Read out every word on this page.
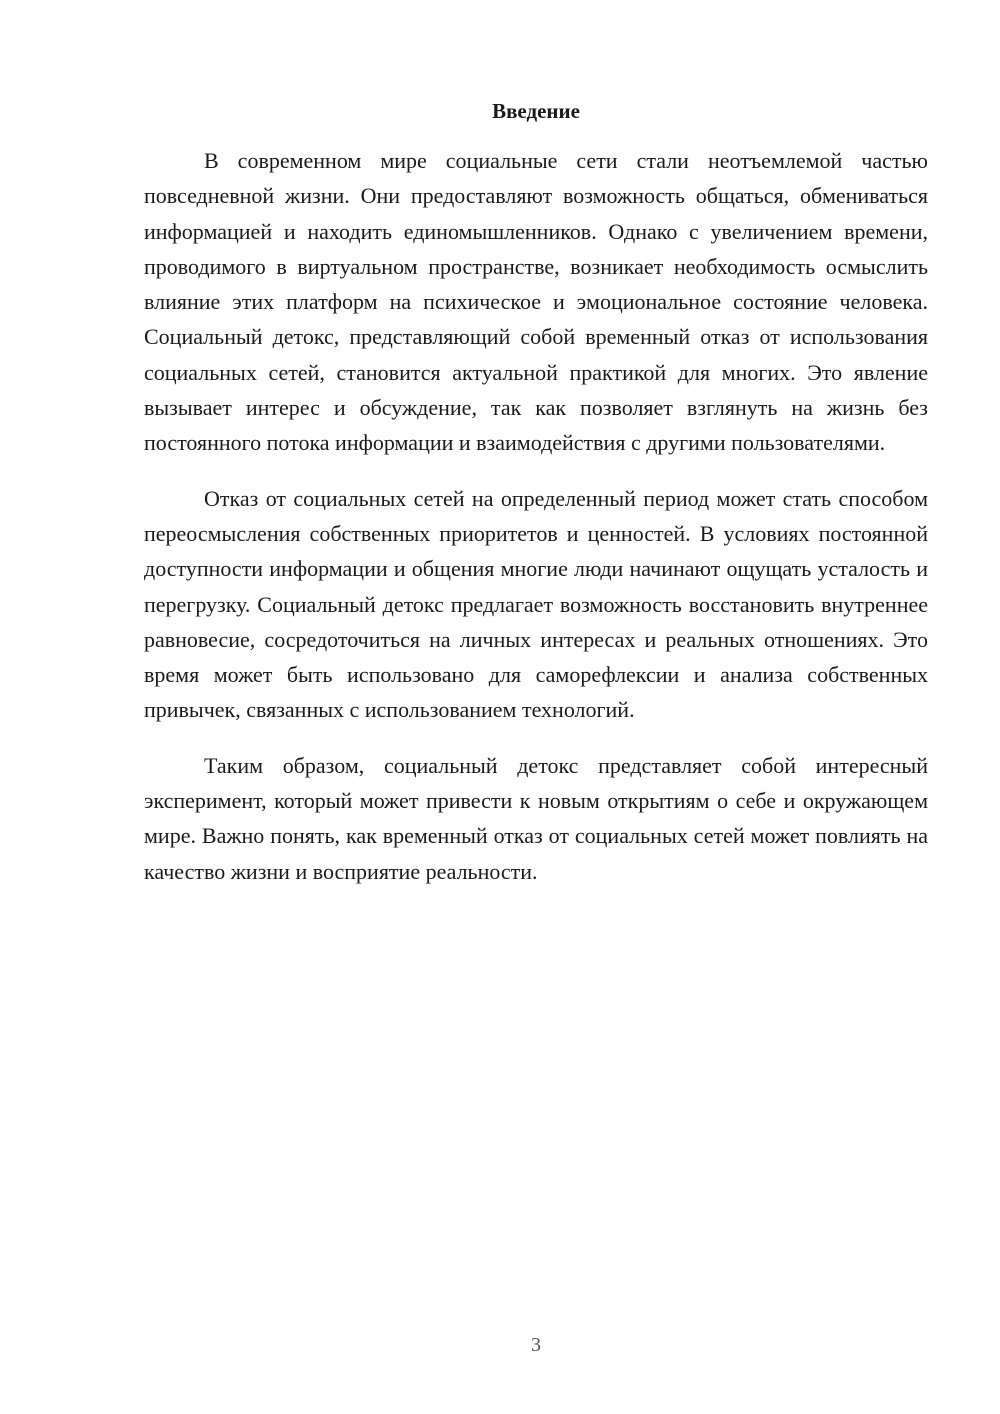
Введение

В современном мире социальные сети стали неотъемлемой частью повседневной жизни. Они предоставляют возможность общаться, обмениваться информацией и находить единомышленников. Однако с увеличением времени, проводимого в виртуальном пространстве, возникает необходимость осмыслить влияние этих платформ на психическое и эмоциональное состояние человека. Социальный детокс, представляющий собой временный отказ от использования социальных сетей, становится актуальной практикой для многих. Это явление вызывает интерес и обсуждение, так как позволяет взглянуть на жизнь без постоянного потока информации и взаимодействия с другими пользователями.

Отказ от социальных сетей на определенный период может стать способом переосмысления собственных приоритетов и ценностей. В условиях постоянной доступности информации и общения многие люди начинают ощущать усталость и перегрузку. Социальный детокс предлагает возможность восстановить внутреннее равновесие, сосредоточиться на личных интересах и реальных отношениях. Это время может быть использовано для саморефлексии и анализа собственных привычек, связанных с использованием технологий.

Таким образом, социальный детокс представляет собой интересный эксперимент, который может привести к новым открытиям о себе и окружающем мире. Важно понять, как временный отказ от социальных сетей может повлиять на качество жизни и восприятие реальности.

3
